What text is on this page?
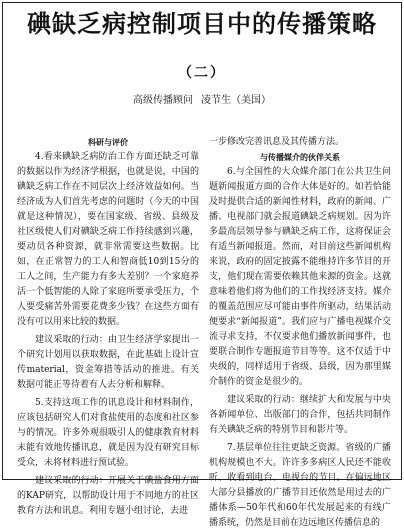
碘缺乏病控制项目中的传播策略
（二）
高级传播顾问 凌节生（美国）

科研与评价

4.看来碘缺乏病防治工作方面还缺乏可靠的数据以作为经济学根据，也就是说，中国的碘缺乏病工作在不同层次上经济效益如何。当经济成为人们首先考虑的问题时（今天的中国就是这种情况），要在国家级、省级、县级及社区级使人们对碘缺乏病工作持续感到兴趣，要动员各种资源，就非常需要这些数据。比如，在正常智力的工人和智商低10到15分的工人之间，生产能力有多大差别？一个家庭养活一个低智能的人除了家庭所要承受压力，个人要受痛苦外需要花费多少钱？在这些方面有没有可以用来比较的数据。

建议采取的行动：由卫生经济学家提出一个研究计划用以获取数据，在此基础上设计宣传material，资金筹措等活动的推进。有关数据可能正等待着有人去分析和解释。

5.支持这项工作的讯息设计和材料制作，应该包括研究人们对食盐使用的态度和社区参与的情况。许多外观很吸引人的健康教育材料未能有效地传播讯息，就是因为没有研究目标受众，未将材料进行预试验。

建议采取的行动：开展关于碘盐食用方面的KAP研究，以帮助设计用于不同地方的社区教育方法和讯息。利用专题小组讨论，去进

一步修改完善讯息及其传播方法。

与传播媒介的伙伴关系

6.与全国性的大众媒介部门在公共卫生问题新闻报道方面的合作大体是好的。如若恰能及时提供合适的新闻性材料，政府的新闻、广播、电视部门就会报道碘缺乏病规划。因为许多最高层领导参与碘缺乏病工作，这将保证会有适当新闻报道。然而，对目前这些新闻机构来说，政府的固定披露不能维持许多节目的开支，他们现在需要依赖其他来源的资金。这就意味着他们将为他们的工作找经济支持。媒介的覆盖范围应尽可能由事件所驱动，结果活动便要求“新闻报道”。我们应与广播电视媒介交流寻求支持，不仅要求他们播放新闻事件，也要联合制作专题报道节目等等。这不仅适于中央级的，同样适用于省级、县级，因为那里媒介制作的资金是很少的。

建议采取的行动：继续扩大和发展与中央各新闻单位、出版部门的合作，包括共同制作有关碘缺乏病的特别节目和影片等。

7.基层单位往往更缺乏资源。省级的广播机构规模也不大。许许多多病区人民还不能收听、收看到电台、电视台的节目。在偏远地区大部分县播放的广播节目还依然是用过去的广播体系—50年代和60年代发展起来的有线广播系统，仍然是目前在边远地区传播信息的
